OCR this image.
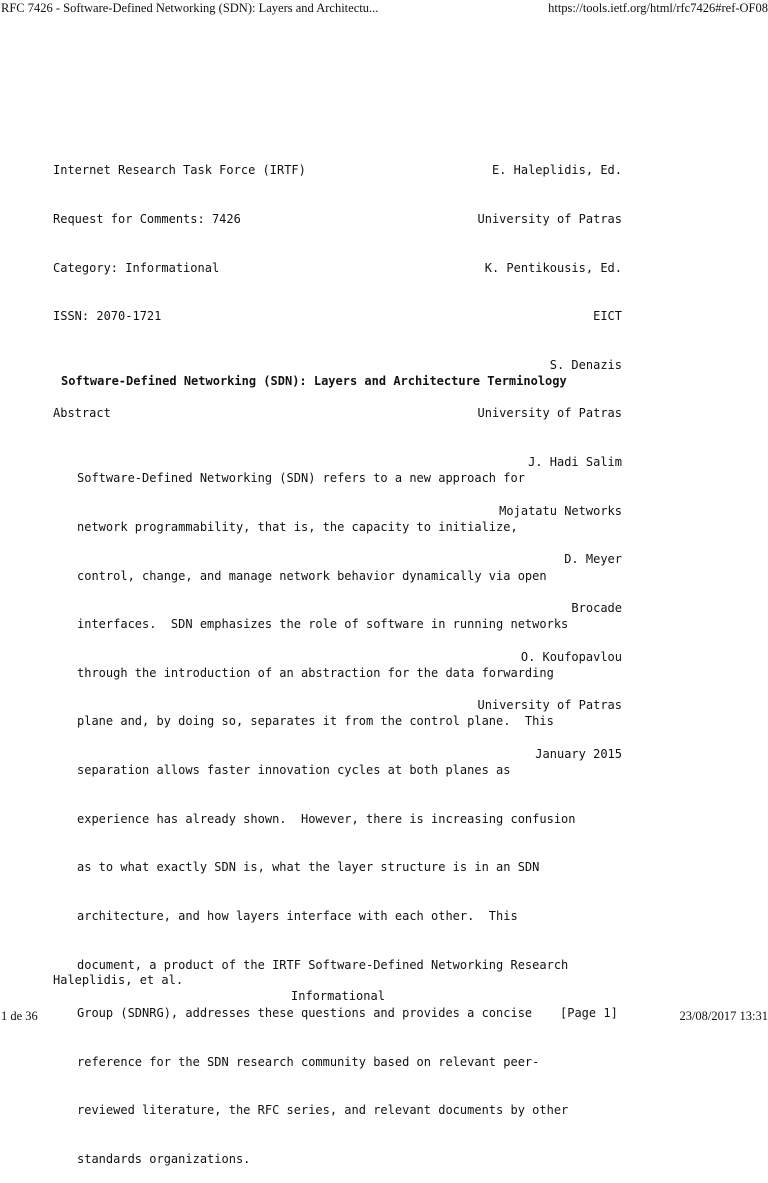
RFC 7426 - Software-Defined Networking (SDN): Layers and Architectu...	https://tools.ietf.org/html/rfc7426#ref-OF08

Internet Research Task Force (IRTF)

Request for Comments: 7426

Category: Informational

ISSN: 2070-1721

E. Haleplidis, Ed.

University of Patras

K. Pentikousis, Ed.

EICT

S. Denazis

University of Patras

J. Hadi Salim

Mojatatu Networks

D. Meyer

Brocade

O. Koufopavlou

University of Patras

January 2015

Software-Defined Networking (SDN): Layers and Architecture Terminology
Abstract

Software-Defined Networking (SDN) refers to a new approach for

network programmability, that is, the capacity to initialize,

control, change, and manage network behavior dynamically via open

interfaces.  SDN emphasizes the role of software in running networks

through the introduction of an abstraction for the data forwarding

plane and, by doing so, separates it from the control plane.  This

separation allows faster innovation cycles at both planes as

experience has already shown.  However, there is increasing confusion

as to what exactly SDN is, what the layer structure is in an SDN

architecture, and how layers interface with each other.  This

document, a product of the IRTF Software-Defined Networking Research

Group (SDNRG), addresses these questions and provides a concise

reference for the SDN research community based on relevant peer-

reviewed literature, the RFC series, and relevant documents by other

standards organizations.

Haleplidis, et al.

Informational

[Page 1]

1 de 36	23/08/2017 13:31
